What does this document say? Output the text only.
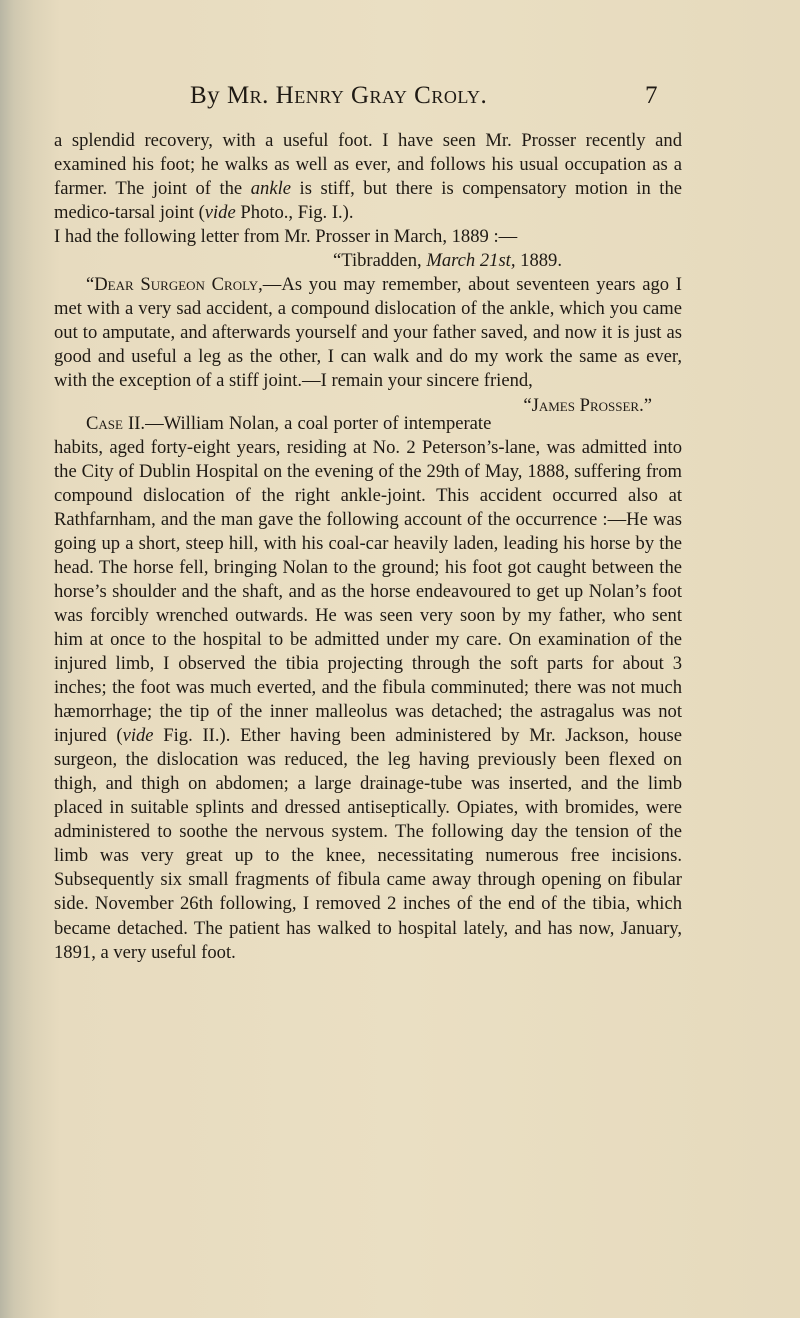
By Mr. Henry Gray Croly.	7

a splendid recovery, with a useful foot. I have seen Mr. Prosser recently and examined his foot; he walks as well as ever, and follows his usual occupation as a farmer. The joint of the ankle is stiff, but there is compensatory motion in the medico-tarsal joint (vide Photo., Fig. I.).

I had the following letter from Mr. Prosser in March, 1889 :—

“Tibradden, March 21st, 1889.

“Dear Surgeon Croly,—As you may remember, about seventeen years ago I met with a very sad accident, a compound dislocation of the ankle, which you came out to amputate, and afterwards yourself and your father saved, and now it is just as good and useful a leg as the other, I can walk and do my work the same as ever, with the exception of a stiff joint.—I remain your sincere friend,
“James Prosser.”

Case II.—William Nolan, a coal porter of intemperate habits, aged forty-eight years, residing at No. 2 Peterson’s-lane, was admitted into the City of Dublin Hospital on the evening of the 29th of May, 1888, suffering from compound dislocation of the right ankle-joint. This accident occurred also at Rathfarnham, and the man gave the following account of the occurrence :—He was going up a short, steep hill, with his coal-car heavily laden, leading his horse by the head. The horse fell, bringing Nolan to the ground; his foot got caught between the horse’s shoulder and the shaft, and as the horse endeavoured to get up Nolan’s foot was forcibly wrenched outwards. He was seen very soon by my father, who sent him at once to the hospital to be admitted under my care. On examination of the injured limb, I observed the tibia projecting through the soft parts for about 3 inches; the foot was much everted, and the fibula comminuted; there was not much hæmorrhage; the tip of the inner malleolus was detached; the astragalus was not injured (vide Fig. II.). Ether having been administered by Mr. Jackson, house surgeon, the dislocation was reduced, the leg having previously been flexed on thigh, and thigh on abdomen; a large drainage-tube was inserted, and the limb placed in suitable splints and dressed antiseptically. Opiates, with bromides, were administered to soothe the nervous system. The following day the tension of the limb was very great up to the knee, necessitating numerous free incisions. Subsequently six small fragments of fibula came away through opening on fibular side. November 26th following, I removed 2 inches of the end of the tibia, which became detached. The patient has walked to hospital lately, and has now, January, 1891, a very useful foot.
